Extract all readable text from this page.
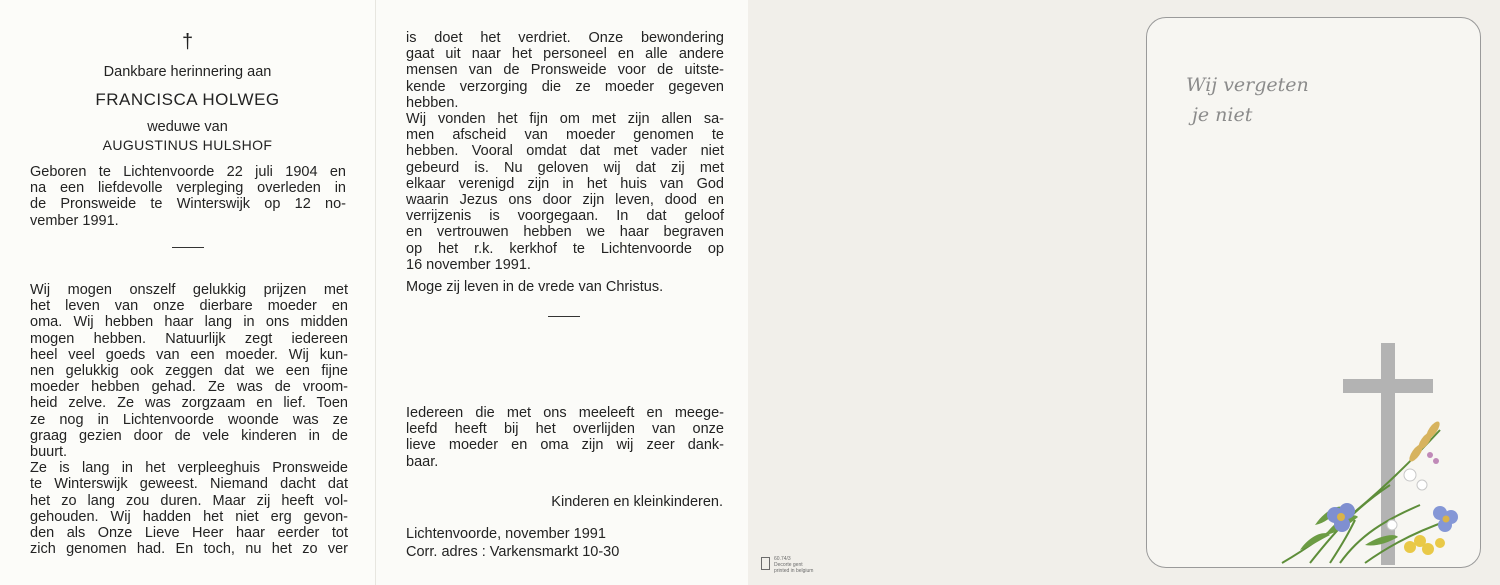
†
Dankbare herinnering aan
FRANCISCA HOLWEG
weduwe van
AUGUSTINUS HULSHOF
Geboren te Lichtenvoorde 22 juli 1904 en
na een liefdevolle verpleging overleden in
de Pronsweide te Winterswijk op 12 no-
vember 1991.
Wij mogen onszelf gelukkig prijzen met
het leven van onze dierbare moeder en
oma. Wij hebben haar lang in ons midden
mogen hebben. Natuurlijk zegt iedereen
heel veel goeds van een moeder. Wij kun-
nen gelukkig ook zeggen dat we een fijne
moeder hebben gehad. Ze was de vroom-
heid zelve. Ze was zorgzaam en lief. Toen
ze nog in Lichtenvoorde woonde was ze
graag gezien door de vele kinderen in de
buurt.
Ze is lang in het verpleeghuis Pronsweide
te Winterswijk geweest. Niemand dacht dat
het zo lang zou duren. Maar zij heeft vol-
gehouden. Wij hadden het niet erg gevon-
den als Onze Lieve Heer haar eerder tot
zich genomen had. En toch, nu het zo ver
is doet het verdriet. Onze bewondering
gaat uit naar het personeel en alle andere
mensen van de Pronsweide voor de uitste-
kende verzorging die ze moeder gegeven
hebben.
Wij vonden het fijn om met zijn allen sa-
men afscheid van moeder genomen te
hebben. Vooral omdat dat met vader niet
gebeurd is. Nu geloven wij dat zij met
elkaar verenigd zijn in het huis van God
waarin Jezus ons door zijn leven, dood en
verrijzenis is voorgegaan. In dat geloof
en vertrouwen hebben we haar begraven
op het r.k. kerkhof te Lichtenvoorde op
16 november 1991.
Moge zij leven in de vrede van Christus.
Iedereen die met ons meeleeft en meege-
leefd heeft bij het overlijden van onze
lieve moeder en oma zijn wij zeer dank-
baar.
Kinderen en kleinkinderen.
Lichtenvoorde, november 1991
Corr. adres : Varkensmarkt 10-30
Wij vergeten
je niet
60.74/3
Decorte gent
printed in belgium
